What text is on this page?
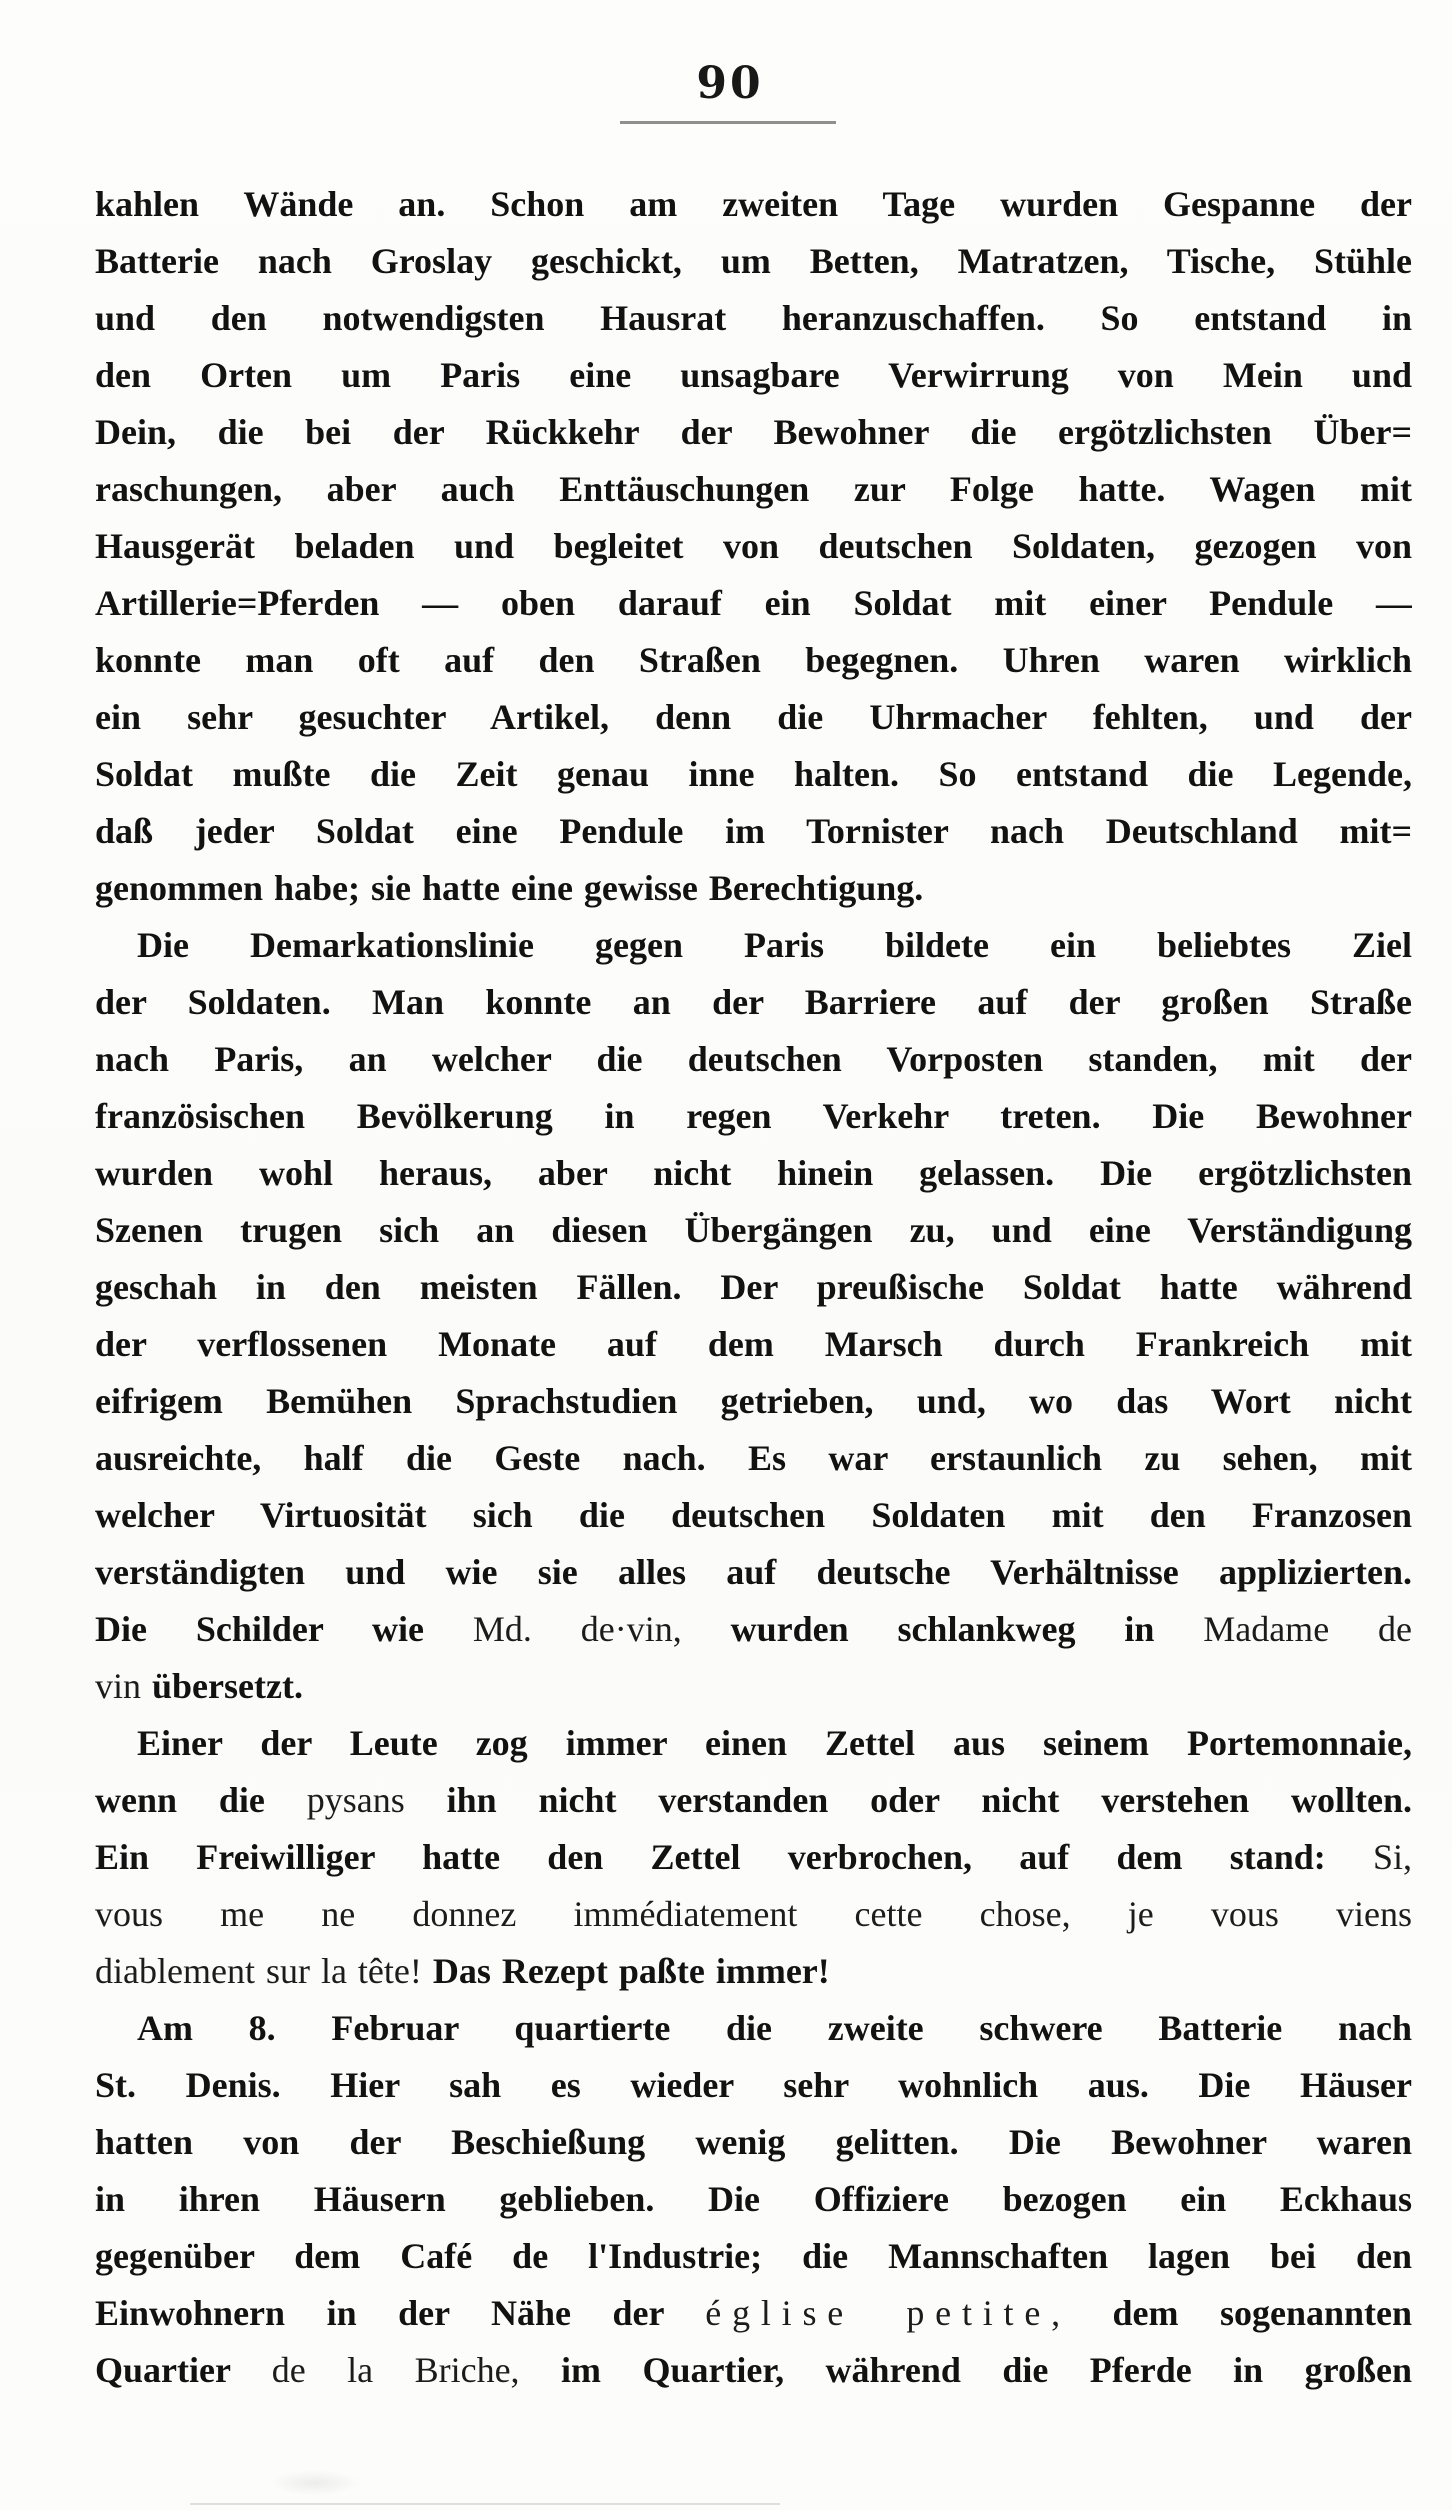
90
kahlen Wände an. Schon am zweiten Tage wurden Gespanne der
Batterie nach Groslay geschickt, um Betten, Matratzen, Tische, Stühle
und den notwendigsten Hausrat heranzuschaffen. So entstand in
den Orten um Paris eine unsagbare Verwirrung von Mein und
Dein, die bei der Rückkehr der Bewohner die ergötzlichsten Über=
raschungen, aber auch Enttäuschungen zur Folge hatte. Wagen mit
Hausgerät beladen und begleitet von deutschen Soldaten, gezogen von
Artillerie=Pferden — oben darauf ein Soldat mit einer Pendule —
konnte man oft auf den Straßen begegnen. Uhren waren wirklich
ein sehr gesuchter Artikel, denn die Uhrmacher fehlten, und der
Soldat mußte die Zeit genau inne halten. So entstand die Legende,
daß jeder Soldat eine Pendule im Tornister nach Deutschland mit=
genommen habe; sie hatte eine gewisse Berechtigung.
Die Demarkationslinie gegen Paris bildete ein beliebtes Ziel
der Soldaten. Man konnte an der Barriere auf der großen Straße
nach Paris, an welcher die deutschen Vorposten standen, mit der
französischen Bevölkerung in regen Verkehr treten. Die Bewohner
wurden wohl heraus, aber nicht hinein gelassen. Die ergötzlichsten
Szenen trugen sich an diesen Übergängen zu, und eine Verständigung
geschah in den meisten Fällen. Der preußische Soldat hatte während
der verflossenen Monate auf dem Marsch durch Frankreich mit
eifrigem Bemühen Sprachstudien getrieben, und, wo das Wort nicht
ausreichte, half die Geste nach. Es war erstaunlich zu sehen, mit
welcher Virtuosität sich die deutschen Soldaten mit den Franzosen
verständigten und wie sie alles auf deutsche Verhältnisse applizierten.
Die Schilder wie Md. de·vin, wurden schlankweg in Madame de
vin übersetzt.
Einer der Leute zog immer einen Zettel aus seinem Portemonnaie,
wenn die pysans ihn nicht verstanden oder nicht verstehen wollten.
Ein Freiwilliger hatte den Zettel verbrochen, auf dem stand: Si,
vous me ne donnez immédiatement cette chose, je vous viens
diablement sur la tête! Das Rezept paßte immer!
Am 8. Februar quartierte die zweite schwere Batterie nach
St. Denis. Hier sah es wieder sehr wohnlich aus. Die Häuser
hatten von der Beschießung wenig gelitten. Die Bewohner waren
in ihren Häusern geblieben. Die Offiziere bezogen ein Eckhaus
gegenüber dem Café de l'Industrie; die Mannschaften lagen bei den
Einwohnern in der Nähe der église petite, dem sogenannten
Quartier de la Briche, im Quartier, während die Pferde in großen
